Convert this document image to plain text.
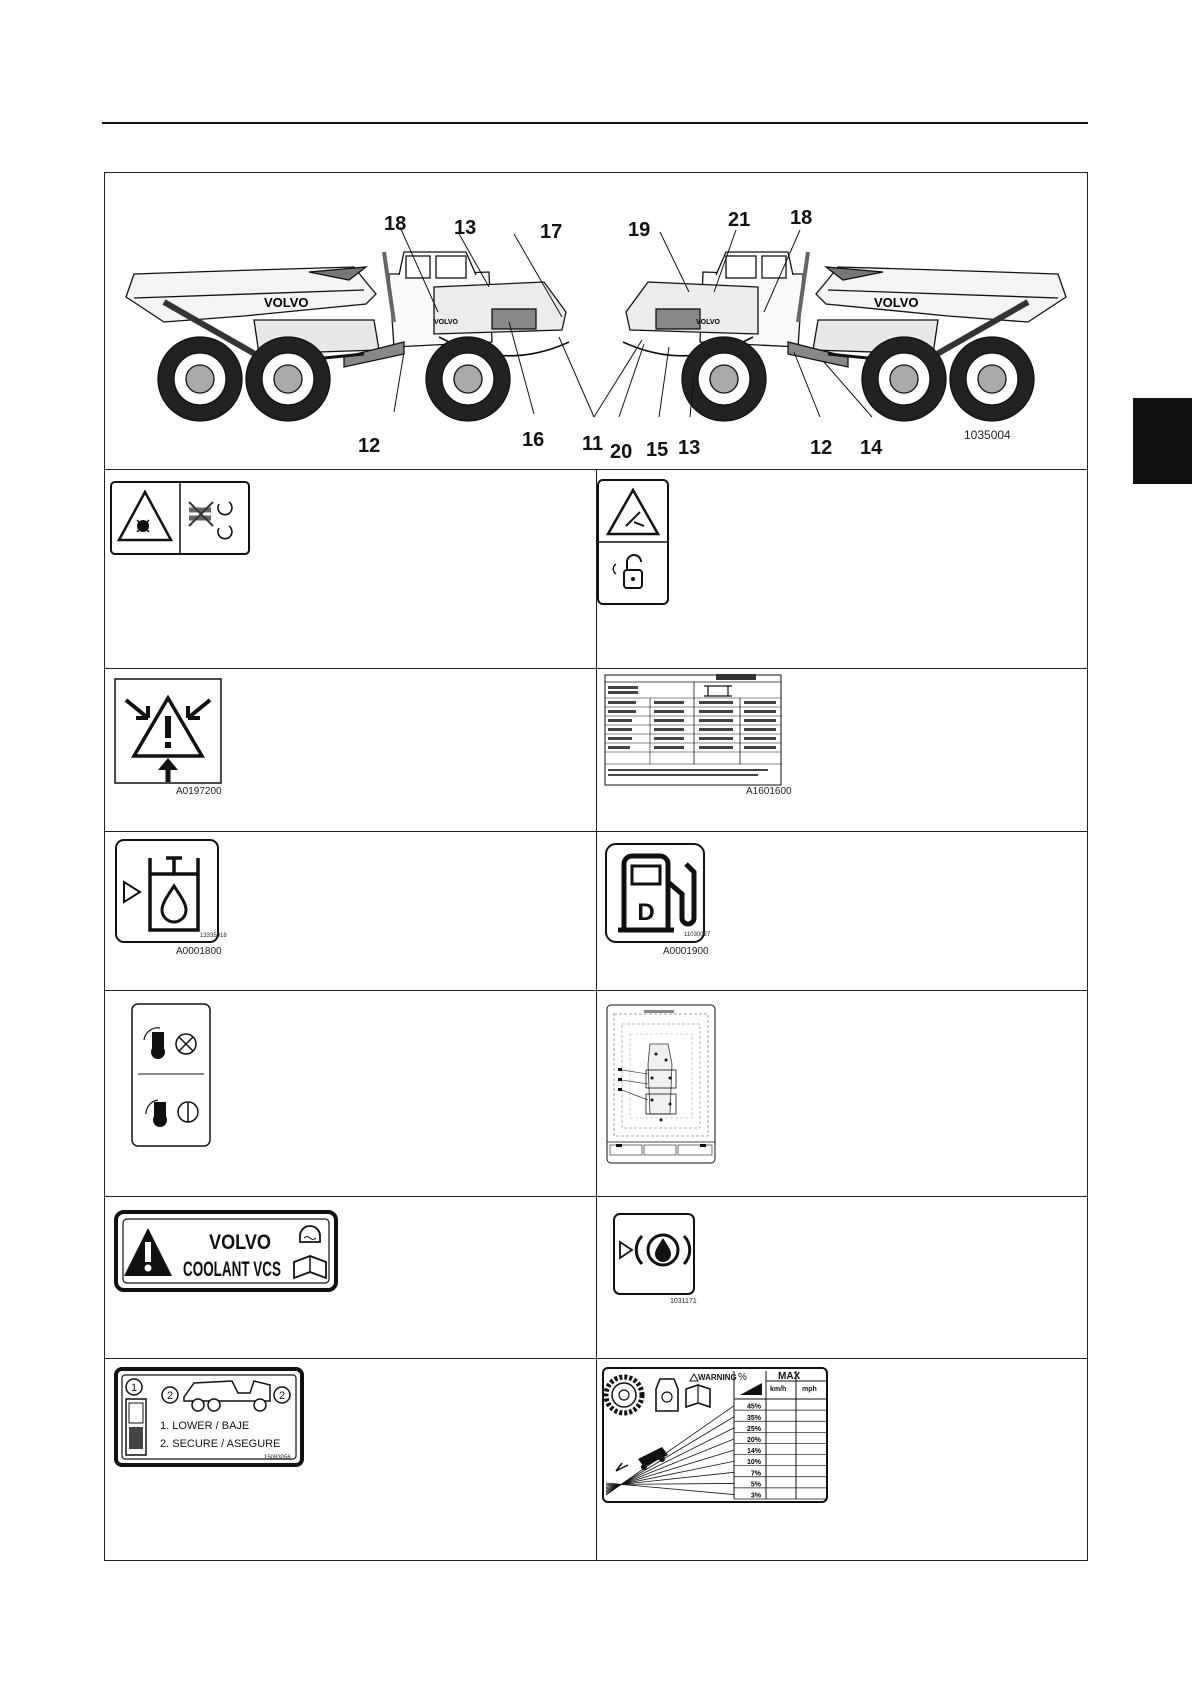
VOLVO	VOLVO
VOLVO	VOLVO
18 13	17	19	21 18
12	16 11 20 15 13	12 14
1035004
A0197200	A1601600
13335918
A0001800
D
11030027
A0001900
VOLVO
COOLANT VCS
1031171
1
2	2
1. LOWER / BAJE
2. SECURE / ASEGURE
15083056
WARNING %	MAX
km/h mph
45%
35%
25%
20%
14%
10%
7%
5%
3%
